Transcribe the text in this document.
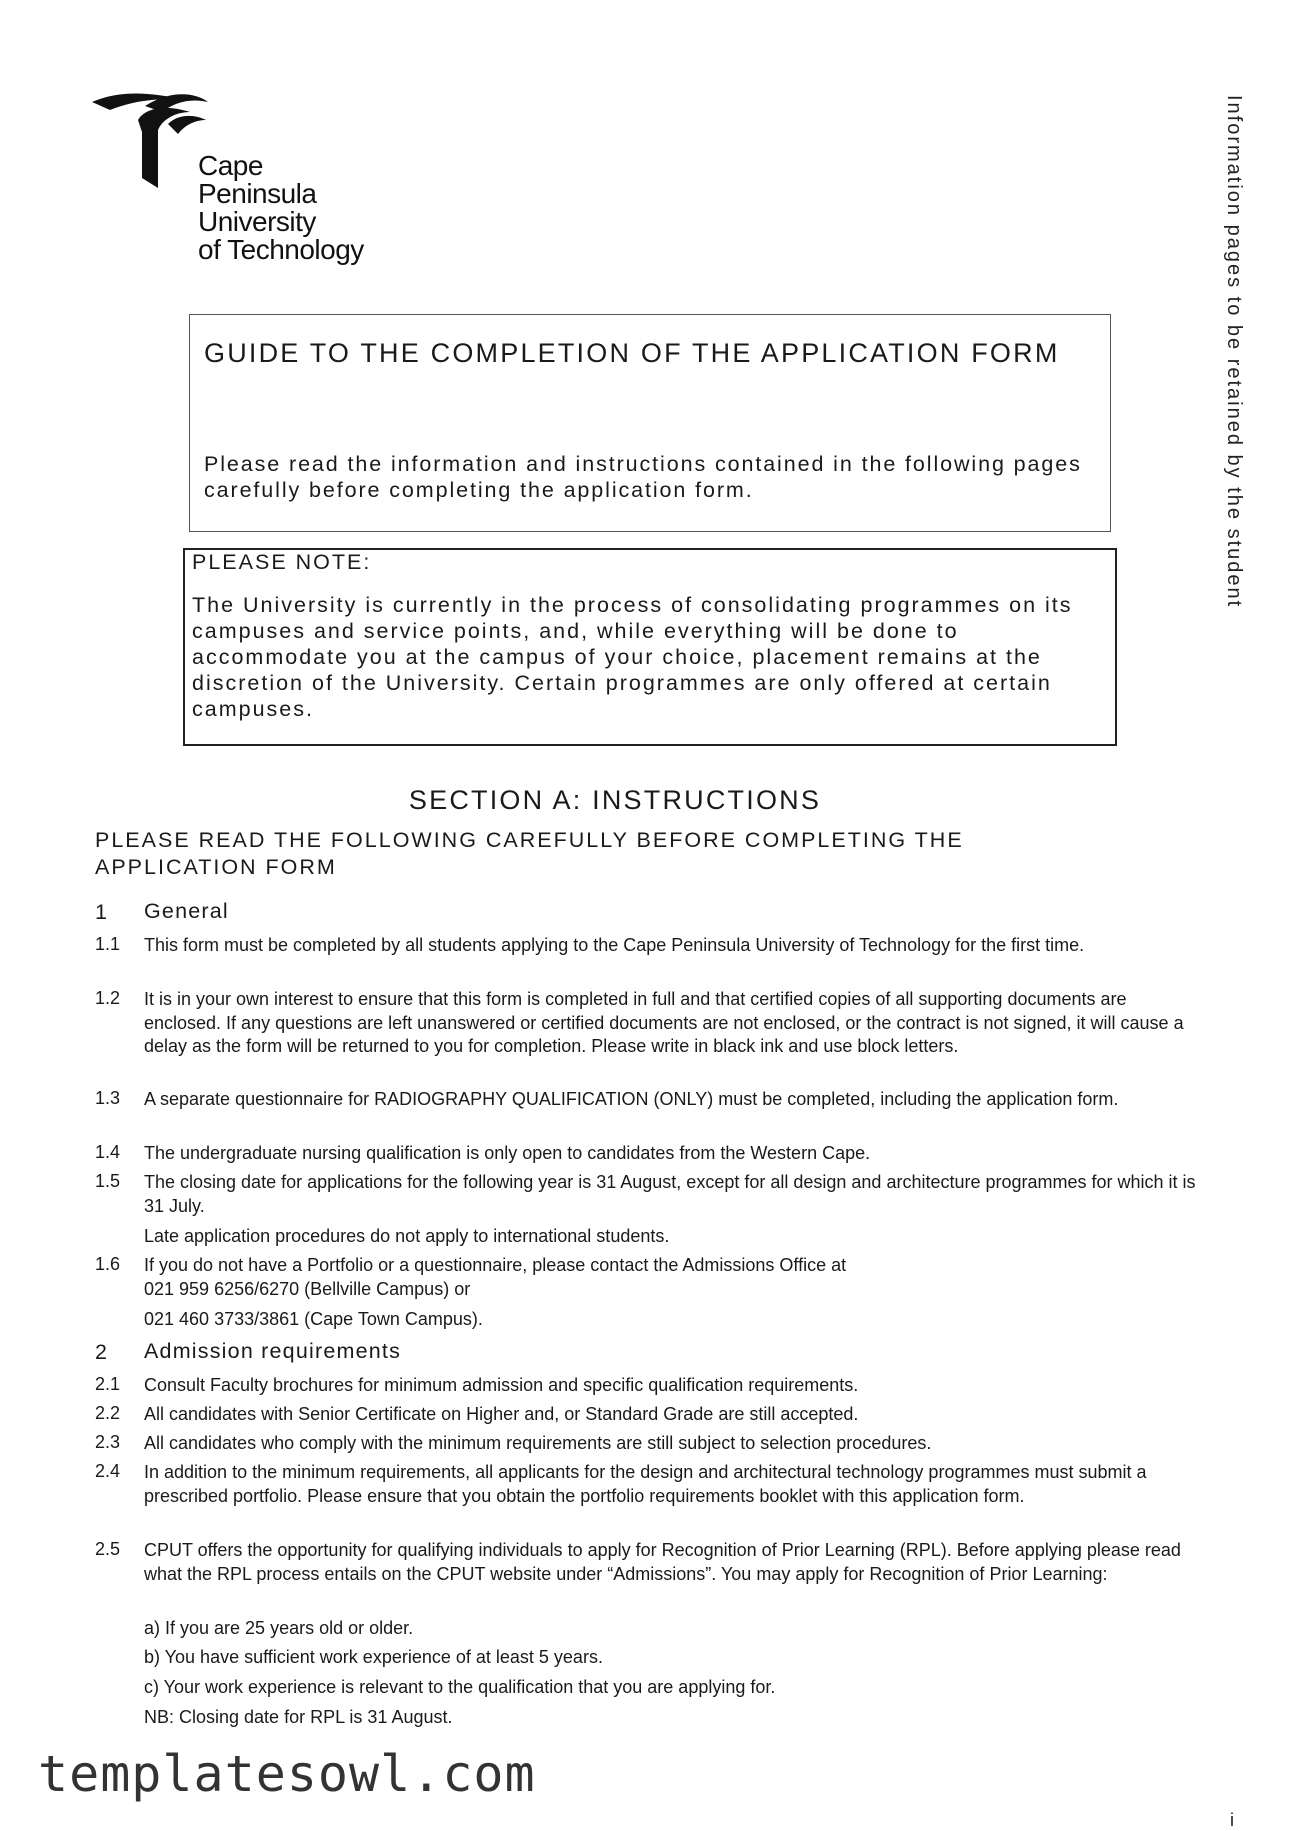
Cape
Peninsula
University
of Technology	Information pages to be retained by the student
GUIDE TO THE COMPLETION OF THE APPLICATION FORM
Please read the information and instructions contained in the following pages carefully before completing the application form.
PLEASE NOTE:
The University is currently in the process of consolidating programmes on its campuses and service points, and, while everything will be done to accommodate you at the campus of your choice, placement remains at the discretion of the University. Certain programmes are only offered at certain campuses.
SECTION A: INSTRUCTIONS
PLEASE READ THE FOLLOWING CAREFULLY BEFORE COMPLETING THE APPLICATION FORM
1 General
1.1 This form must be completed by all students applying to the Cape Peninsula University of Technology for the first time.
1.2 It is in your own interest to ensure that this form is completed in full and that certified copies of all supporting documents are enclosed. If any questions are left unanswered or certified documents are not enclosed, or the contract is not signed, it will cause a delay as the form will be returned to you for completion. Please write in black ink and use block letters.
1.3 A separate questionnaire for RADIOGRAPHY QUALIFICATION (ONLY) must be completed, including the application form.
1.4 The undergraduate nursing qualification is only open to candidates from the Western Cape.
1.5 The closing date for applications for the following year is 31 August, except for all design and architecture programmes for which it is 31 July.
Late application procedures do not apply to international students.
1.6 If you do not have a Portfolio or a questionnaire, please contact the Admissions Office at
021 959 6256/6270 (Bellville Campus) or
021 460 3733/3861 (Cape Town Campus).
2 Admission requirements
2.1 Consult Faculty brochures for minimum admission and specific qualification requirements.
2.2 All candidates with Senior Certificate on Higher and, or Standard Grade are still accepted.
2.3 All candidates who comply with the minimum requirements are still subject to selection procedures.
2.4 In addition to the minimum requirements, all applicants for the design and architectural technology programmes must submit a prescribed portfolio. Please ensure that you obtain the portfolio requirements booklet with this application form.
2.5 CPUT offers the opportunity for qualifying individuals to apply for Recognition of Prior Learning (RPL). Before applying please read what the RPL process entails on the CPUT website under “Admissions”. You may apply for Recognition of Prior Learning:
a) If you are 25 years old or older.
b) You have sufficient work experience of at least 5 years.
c) Your work experience is relevant to the qualification that you are applying for.
NB: Closing date for RPL is 31 August.
templatesowl.com
i
